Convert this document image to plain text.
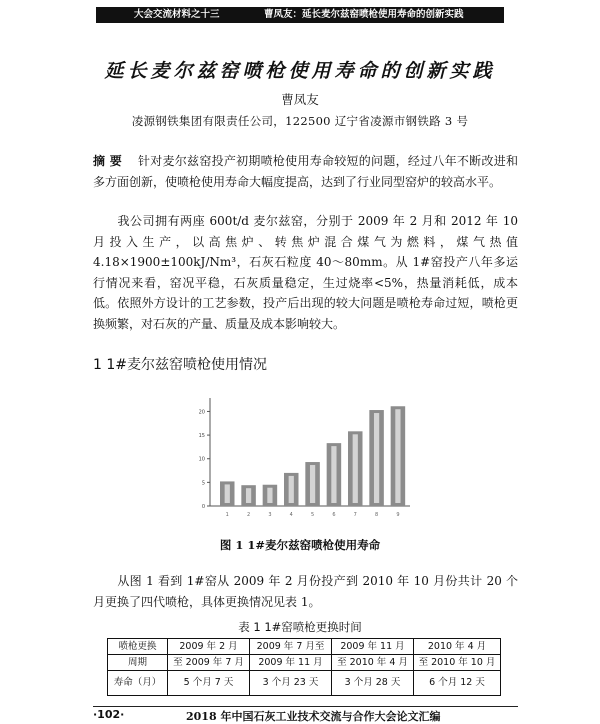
大会交流材料之十三	曹凤友：延长麦尔兹窑喷枪使用寿命的创新实践
延长麦尔兹窑喷枪使用寿命的创新实践
曹凤友
凌源钢铁集团有限责任公司，122500 辽宁省凌源市钢铁路 3 号
摘 要 针对麦尔兹窑投产初期喷枪使用寿命较短的问题，经过八年不断改进和多方面创新，使喷枪使用寿命大幅度提高，达到了行业同型窑炉的较高水平。
我公司拥有两座 600t/d 麦尔兹窑，分别于 2009 年 2 月和 2012 年 10 月投入生产，以高焦炉、转焦炉混合煤气为燃料，煤气热值 4.18×1900±100kJ/Nm³，石灰石粒度 40～80mm。从 1#窑投产八年多运行情况来看，窑况平稳，石灰质量稳定，生过烧率<5%，热量消耗低，成本低。依照外方设计的工艺参数，投产后出现的较大问题是喷枪寿命过短，喷枪更换频繁，对石灰的产量、质量及成本影响较大。
1 1#麦尔兹窑喷枪使用情况
0
5
10
15
20
1	2	3	4	5	6	7	8	9
图 1 1#麦尔兹窑喷枪使用寿命
从图 1 看到 1#窑从 2009 年 2 月份投产到 2010 年 10 月份共计 20 个月更换了四代喷枪，具体更换情况见表 1。
表 1 1#窑喷枪更换时间
喷枪更换	2009 年 2 月	2009 年 7 月至	2009 年 11 月	2010 年 4 月
周期	至 2009 年 7 月	2009 年 11 月	至 2010 年 4 月	至 2010 年 10 月
寿命（月）	5 个月 7 天	3 个月 23 天	3 个月 28 天	6 个月 12 天
·102·	2018 年中国石灰工业技术交流与合作大会论文汇编
